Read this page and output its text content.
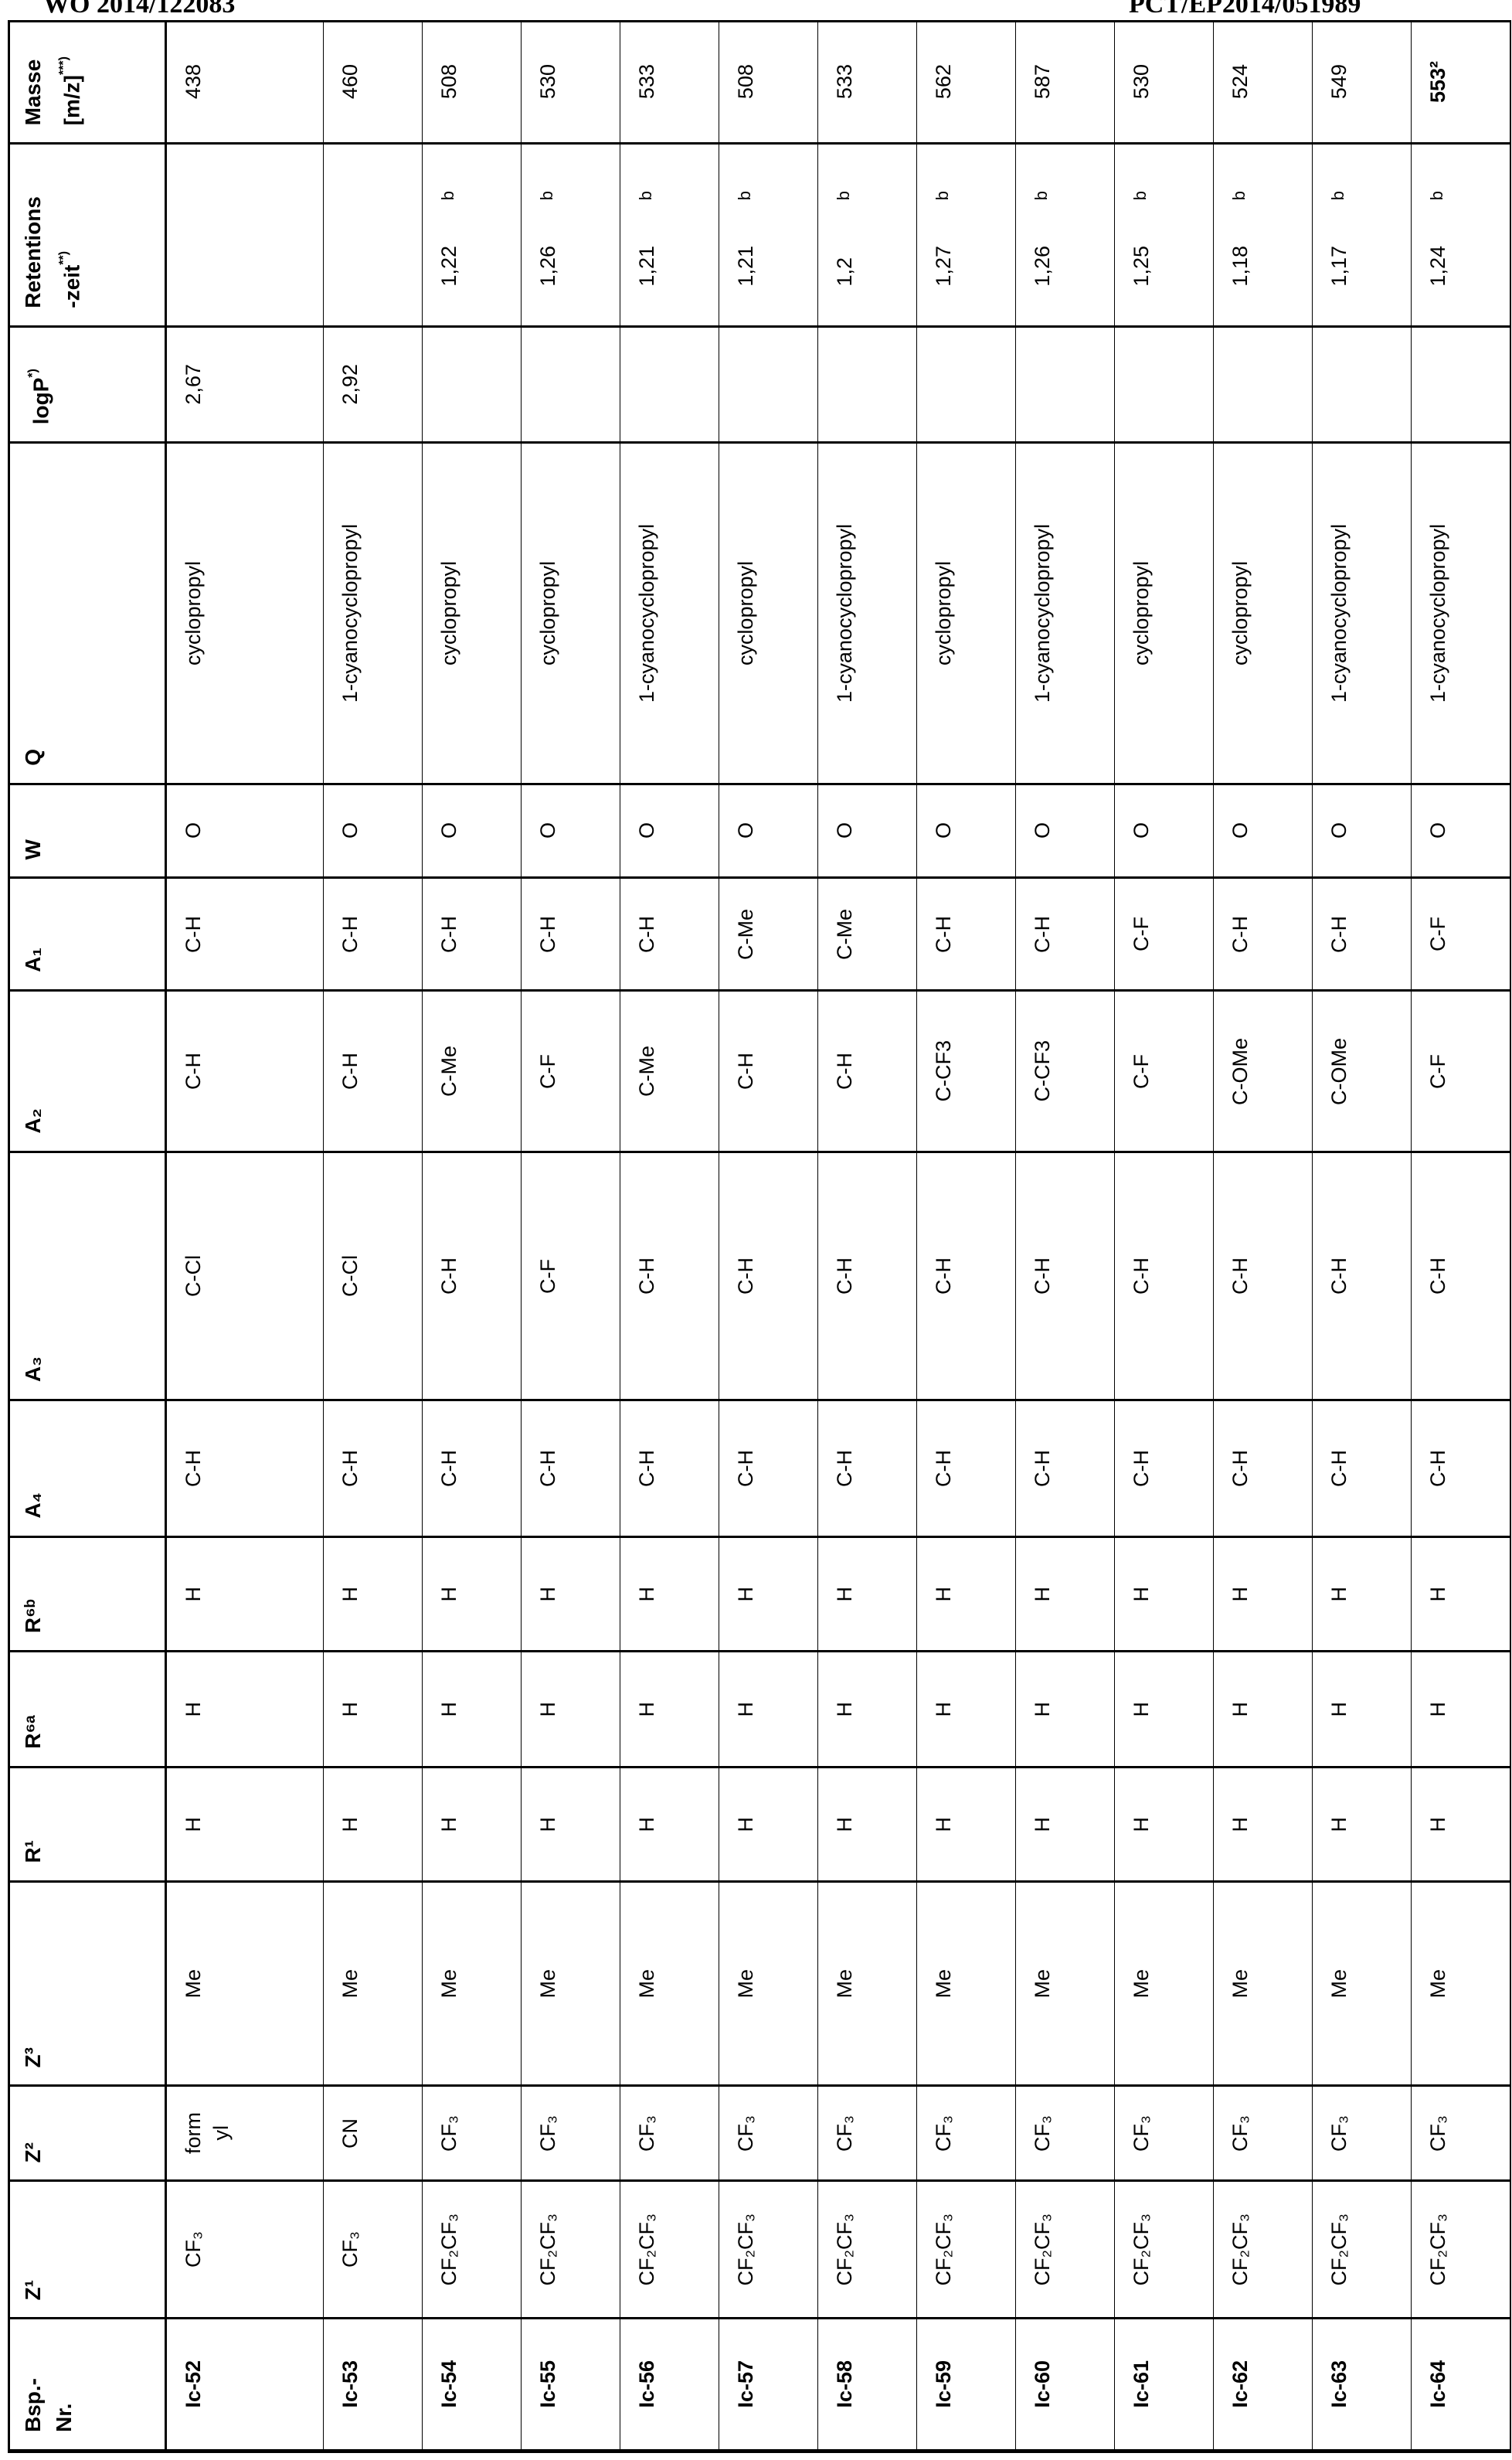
WO 2014/122083	PCT/EP2014/051989
Masse [m/z]***)
Retentions -zeit**)
logP*)
Q
W
A₁
A₂
A₃
A₄
R⁶ᵇ
R⁶ᵃ
R¹
Z³
Z²
Z¹
Bsp.- Nr.
438
2,67
cyclopropyl
O
C-H
C-H
C-Cl
C-H
H
H
H
Me
form yl
CF₃
Ic-52
460
2,92
1-cyanocyclopropyl
O
C-H
C-H
C-Cl
C-H
H
H
H
Me
CN
CF₃
Ic-53
508
1,22
b
cyclopropyl
O
C-H
C-Me
C-H
C-H
H
H
H
Me
CF₃
CF₂CF₃
Ic-54
530
1,26
b
cyclopropyl
O
C-H
C-F
C-F
C-H
H
H
H
Me
CF₃
CF₂CF₃
Ic-55
533
1,21
b
1-cyanocyclopropyl
O
C-H
C-Me
C-H
C-H
H
H
H
Me
CF₃
CF₂CF₃
Ic-56
508
1,21
b
cyclopropyl
O
C-Me
C-H
C-H
C-H
H
H
H
Me
CF₃
CF₂CF₃
Ic-57
533
1,2
b
1-cyanocyclopropyl
O
C-Me
C-H
C-H
C-H
H
H
H
Me
CF₃
CF₂CF₃
Ic-58
562
1,27
b
cyclopropyl
O
C-H
C-CF3
C-H
C-H
H
H
H
Me
CF₃
CF₂CF₃
Ic-59
587
1,26
b
1-cyanocyclopropyl
O
C-H
C-CF3
C-H
C-H
H
H
H
Me
CF₃
CF₂CF₃
Ic-60
530
1,25
b
cyclopropyl
O
C-F
C-F
C-H
C-H
H
H
H
Me
CF₃
CF₂CF₃
Ic-61
524
1,18
b
cyclopropyl
O
C-H
C-OMe
C-H
C-H
H
H
H
Me
CF₃
CF₂CF₃
Ic-62
549
1,17
b
1-cyanocyclopropyl
O
C-H
C-OMe
C-H
C-H
H
H
H
Me
CF₃
CF₂CF₃
Ic-63
553²
1,24
b
1-cyanocyclopropyl
O
C-F
C-F
C-H
C-H
H
H
H
Me
CF₃
CF₂CF₃
Ic-64
